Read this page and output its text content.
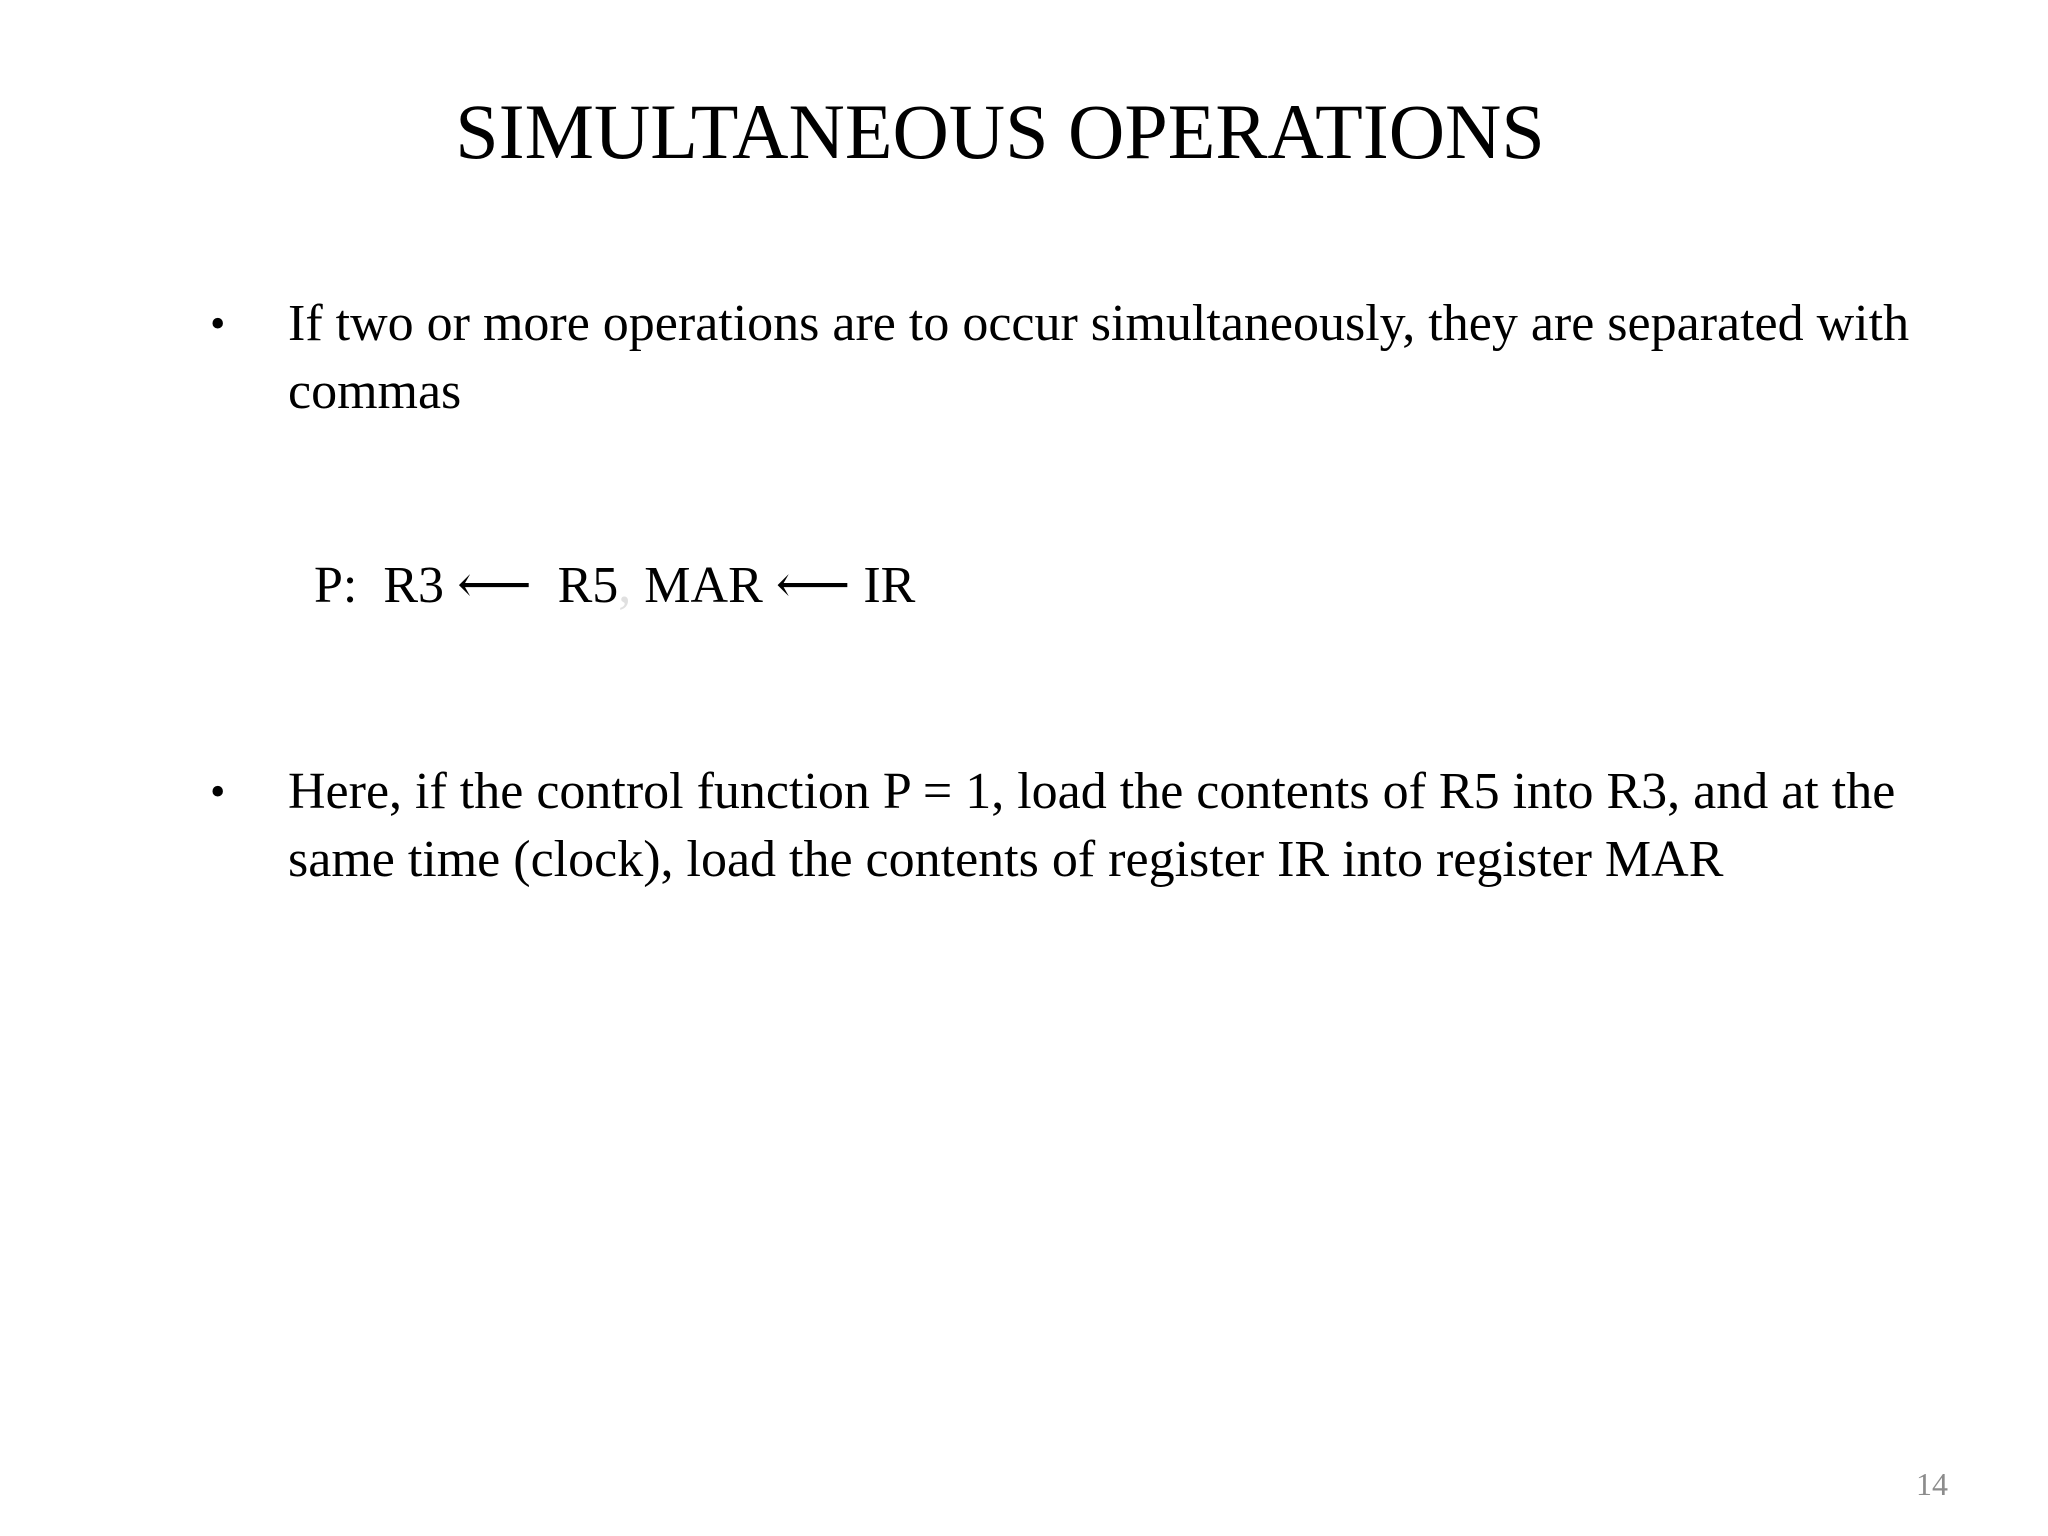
SIMULTANEOUS OPERATIONS
• If two or more operations are to occur simultaneously, they are separated with commas
P: R3 ⟵ R5, MAR ⟵ IR
• Here, if the control function P = 1, load the contents of R5 into R3, and at the same time (clock), load the contents of register IR into register MAR
14
